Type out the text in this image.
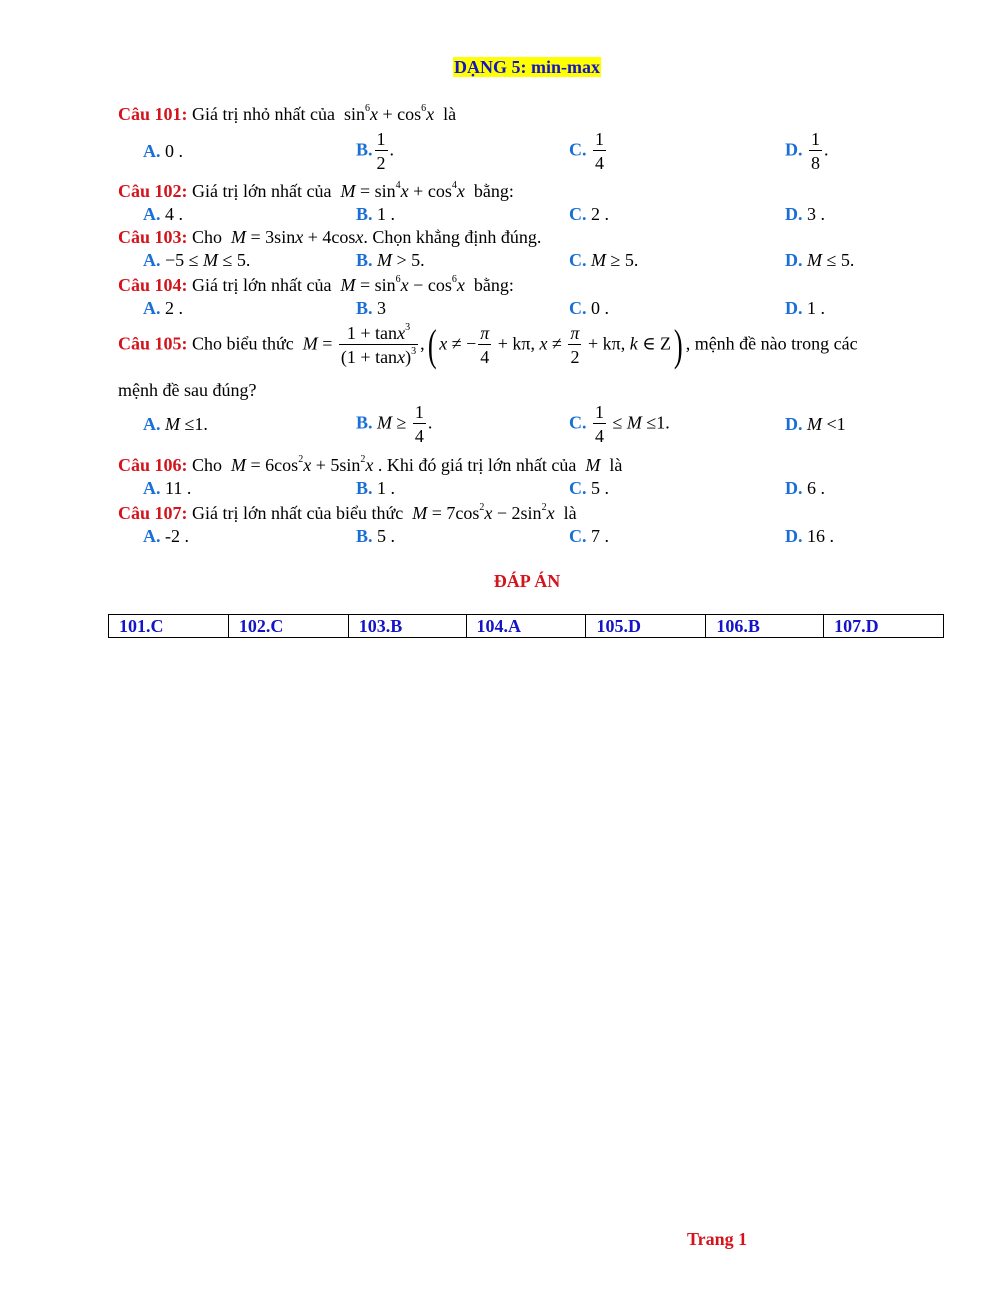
DẠNG 5: min-max
Câu 101: Giá trị nhỏ nhất của $\sin^6x + \cos^6x$ là
A. 0 .	B. $\frac{1}{2}$ .	C. $\frac{1}{4}$	D. $\frac{1}{8}$ .
Câu 102: Giá trị lớn nhất của $M = \sin^4x + \cos^4x$ bằng:
A. 4 .	B. 1 .	C. 2 .	D. 3 .
Câu 103: Cho M = 3sinx + 4cosx. Chọn khẳng định đúng.
A. −5 ≤ M ≤ 5.	B. M > 5.	C. M ≥ 5.	D. M ≤ 5.
Câu 104: Giá trị lớn nhất của $M = \sin^6x - \cos^6x$ bằng:
A. 2 .	B. 3	C. 0 .	D. 1 .
Câu 105: Cho biểu thức $M = \frac{1 + \tan x^3}{(1 + \tan x)^3}$ ,( x ≠ − $\frac{\pi}{4} + k\pi$, $x \ne \frac{\pi}{2} + k\pi$, k ∈ Z) , mệnh đề nào trong các
mệnh đề sau đúng?
A. M ≤1.	B. $M \ge \frac{1}{4}$ .	C. $\frac{1}{4} \le M \le 1$.	D. M <1
Câu 106: Cho $M = 6\cos^2x + 5\sin^2x$ . Khi đó giá trị lớn nhất của M là
A. 11 .	B. 1 .	C. 5 .	D. 6 .
Câu 107: Giá trị lớn nhất của biểu thức $M = 7\cos^2x - 2\sin^2x$ là
A. -2 .	B. 5 .	C. 7 .	D. 16 .
ĐÁP ÁN
101.C	102.C	103.B	104.A	105.D	106.B	107.D
Trang 1
